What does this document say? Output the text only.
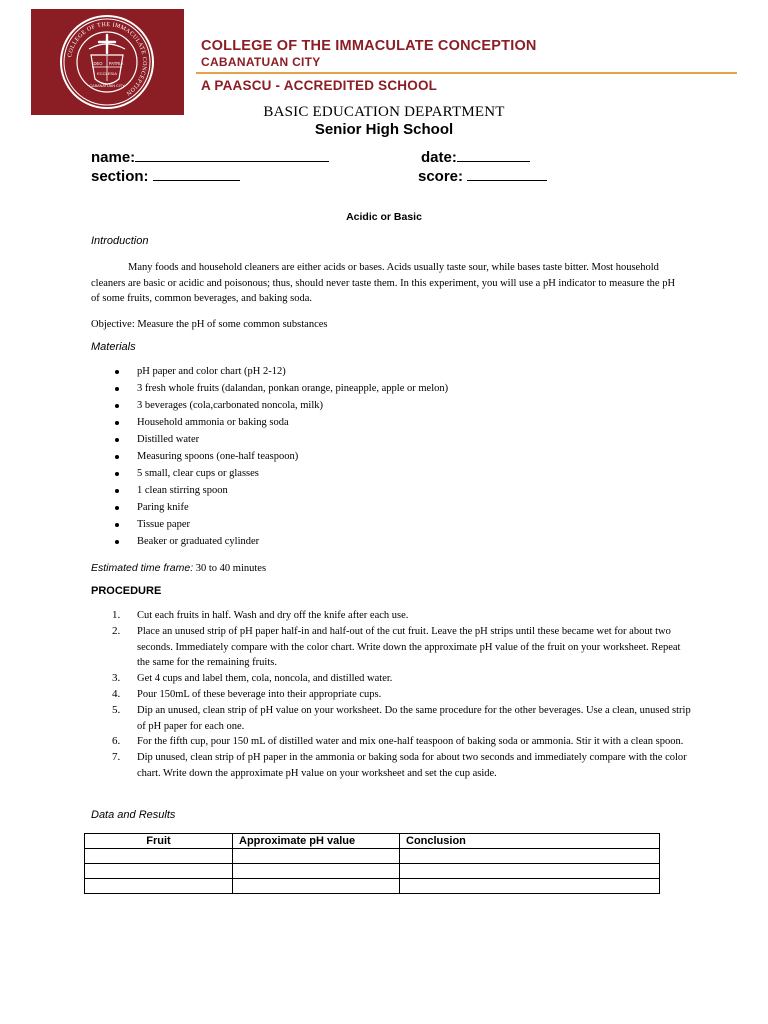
COLLEGE OF THE IMMACULATE CONCEPTION
DEO PATRIA
ECCLESIA
CABANATUAN CITY
COLLEGE OF THE IMMACULATE CONCEPTION
CABANATUAN CITY
A PAASCU - ACCREDITED SCHOOL
BASIC EDUCATION DEPARTMENT
Senior High School
name:	date:
section:	score:
Acidic or Basic
Introduction
Many foods and household cleaners are either acids or bases. Acids usually taste sour, while bases taste bitter. Most household cleaners are basic or acidic and poisonous; thus, should never taste them. In this experiment, you will use a pH indicator to measure the pH of some fruits, common beverages, and baking soda.
Objective: Measure the pH of some common substances
Materials
pH paper and color chart (pH 2-12)
3 fresh whole fruits (dalandan, ponkan orange, pineapple, apple or melon)
3 beverages (cola,carbonated noncola, milk)
Household ammonia or baking soda
Distilled water
Measuring spoons (one-half teaspoon)
5 small, clear cups or glasses
1 clean stirring spoon
Paring knife
Tissue paper
Beaker or graduated cylinder
Estimated time frame: 30 to 40 minutes
PROCEDURE
1. Cut each fruits in half. Wash and dry off the knife after each use.
2. Place an unused strip of pH paper half-in and half-out of the cut fruit. Leave the pH strips until these became wet for about two seconds. Immediately compare with the color chart. Write down the approximate pH value of the fruit on your worksheet. Repeat the same for the remaining fruits.
3. Get 4 cups and label them, cola, noncola, and distilled water.
4. Pour 150mL of these beverage into their appropriate cups.
5. Dip an unused, clean strip of pH value on your worksheet. Do the same procedure for the other beverages. Use a clean, unused strip of pH paper for each one.
6. For the fifth cup, pour 150 mL of distilled water and mix one-half teaspoon of baking soda or ammonia. Stir it with a clean spoon.
7. Dip unused, clean strip of pH paper in the ammonia or baking soda for about two seconds and immediately compare with the color chart. Write down the approximate pH value on your worksheet and set the cup aside.
Data and Results
Fruit	Approximate pH value	Conclusion
